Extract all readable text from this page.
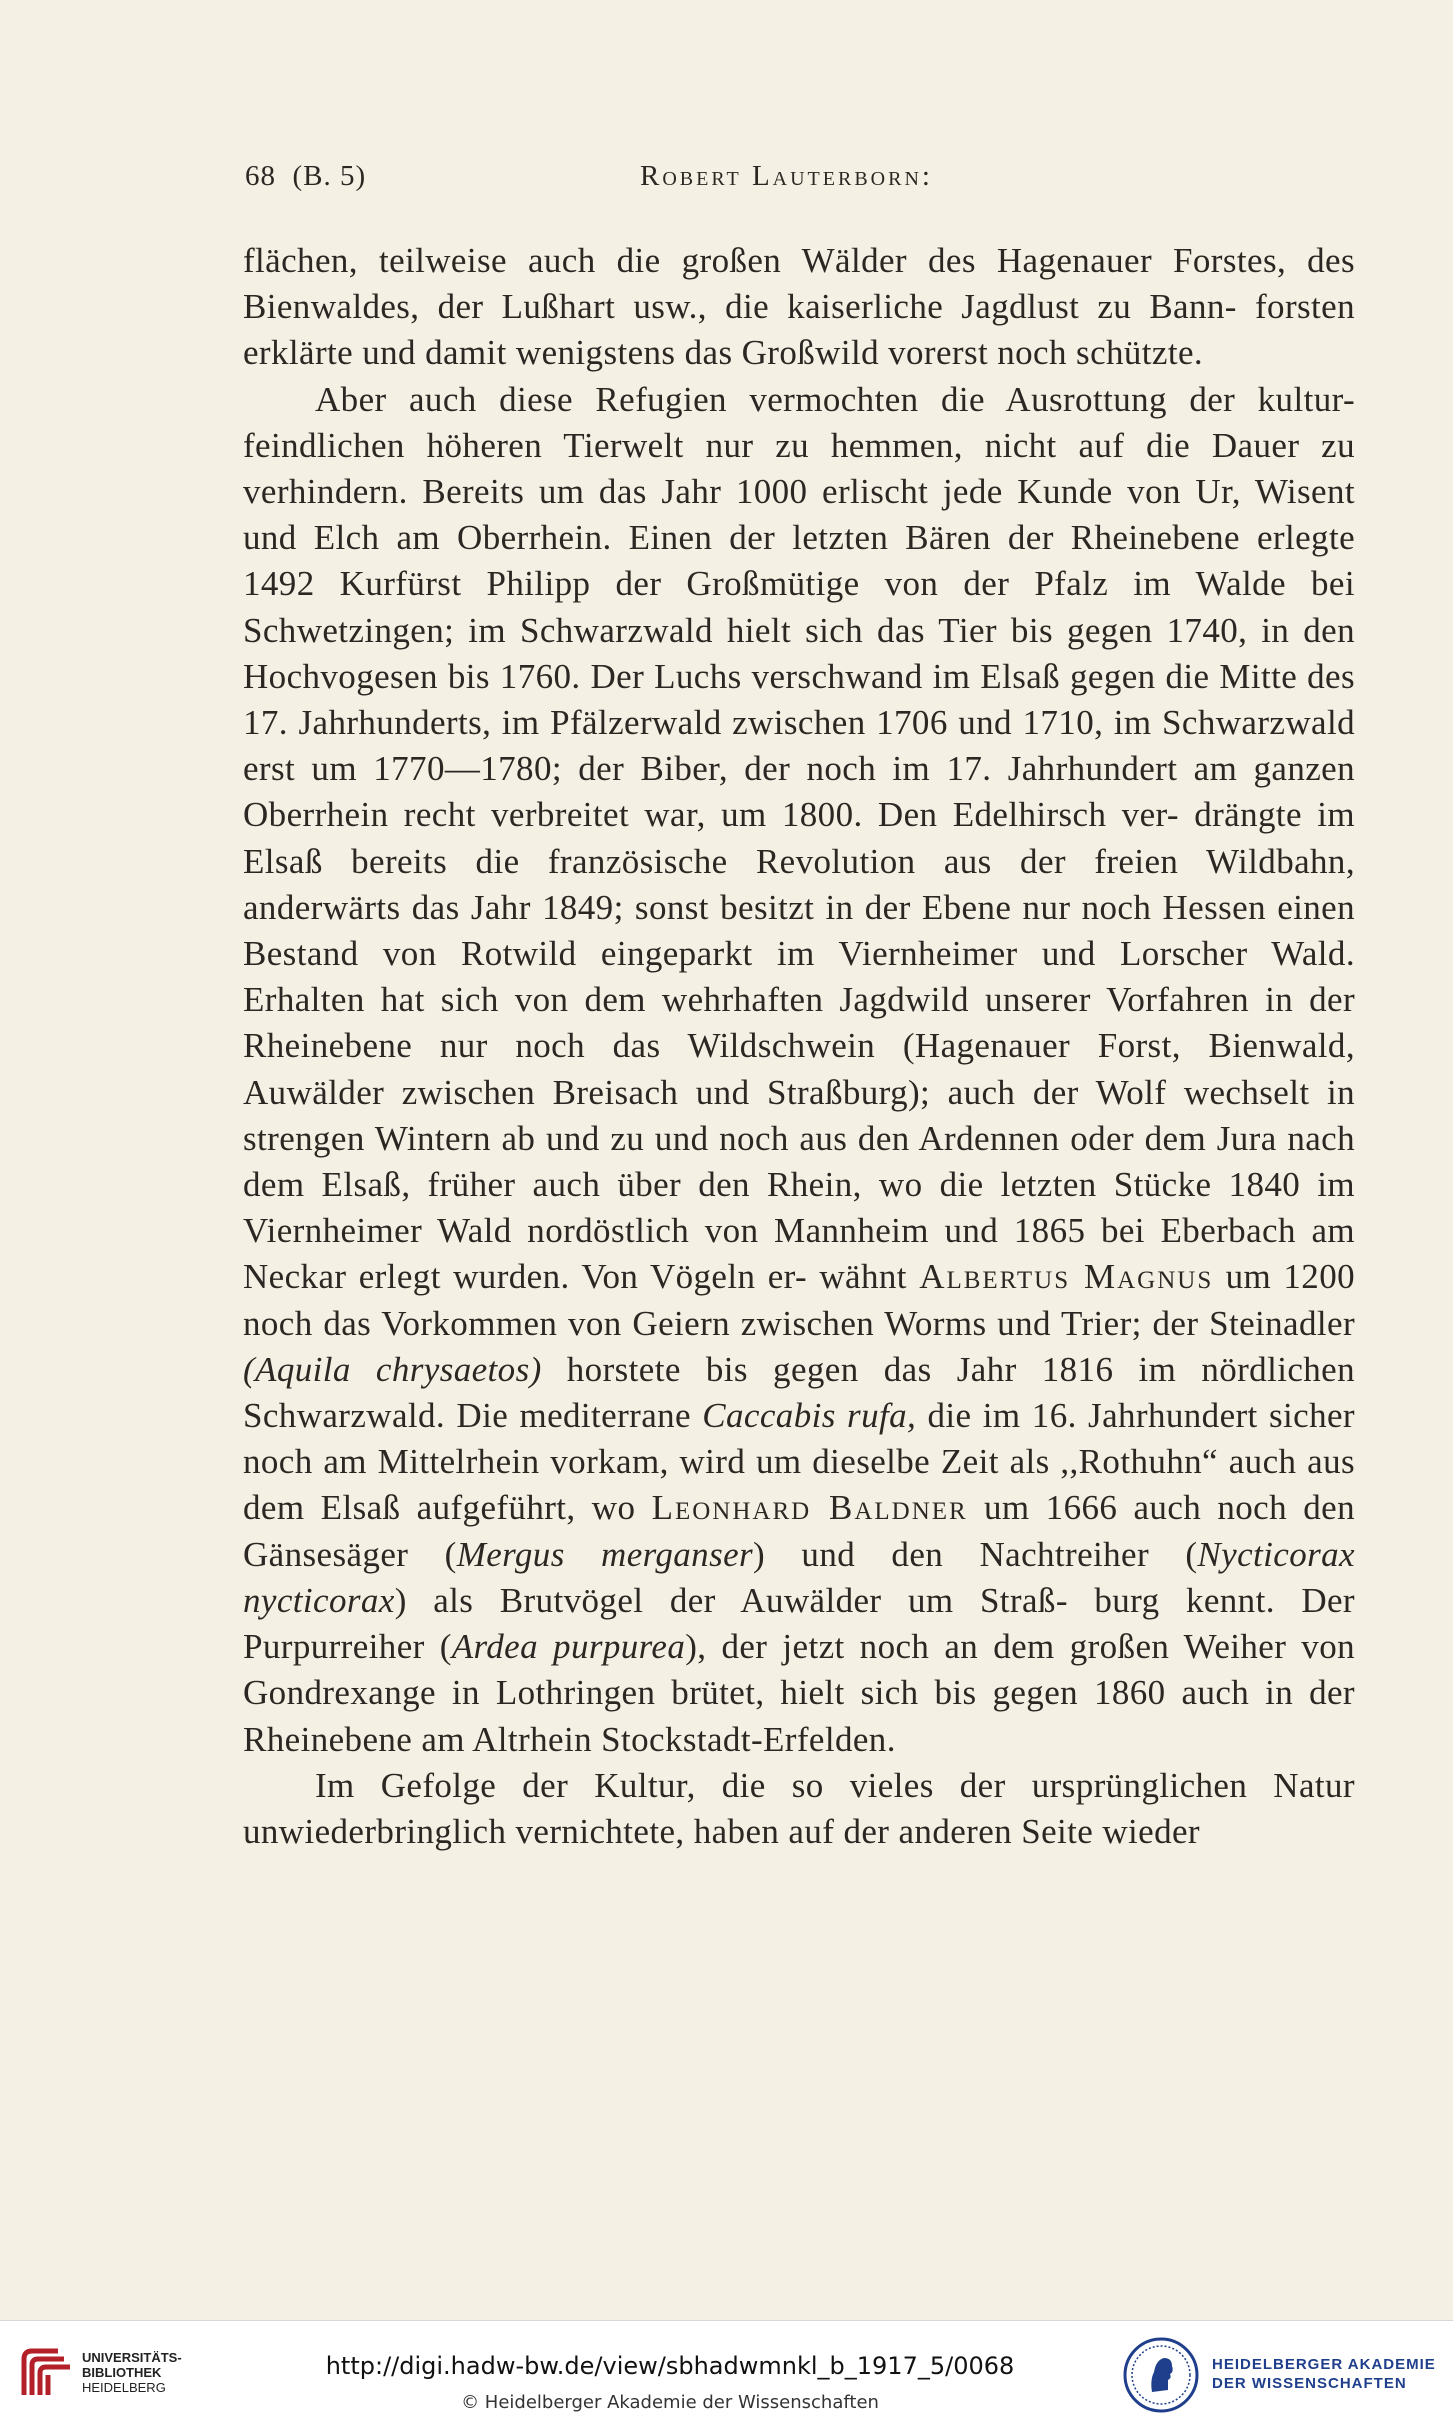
68 (B. 5)	Robert Lauterborn:

flächen, teilweise auch die großen Wälder des Hagenauer Forstes, des Bienwaldes, der Lußhart usw., die kaiserliche Jagdlust zu Bann- forsten erklärte und damit wenigstens das Großwild vorerst noch schützte.

Aber auch diese Refugien vermochten die Ausrottung der kultur- feindlichen höheren Tierwelt nur zu hemmen, nicht auf die Dauer zu verhindern. Bereits um das Jahr 1000 erlischt jede Kunde von Ur, Wisent und Elch am Oberrhein. Einen der letzten Bären der Rheinebene erlegte 1492 Kurfürst Philipp der Großmütige von der Pfalz im Walde bei Schwetzingen; im Schwarzwald hielt sich das Tier bis gegen 1740, in den Hochvogesen bis 1760. Der Luchs verschwand im Elsaß gegen die Mitte des 17. Jahrhunderts, im Pfälzerwald zwischen 1706 und 1710, im Schwarzwald erst um 1770—1780; der Biber, der noch im 17. Jahrhundert am ganzen Oberrhein recht verbreitet war, um 1800. Den Edelhirsch ver- drängte im Elsaß bereits die französische Revolution aus der freien Wildbahn, anderwärts das Jahr 1849; sonst besitzt in der Ebene nur noch Hessen einen Bestand von Rotwild eingeparkt im Viernheimer und Lorscher Wald. Erhalten hat sich von dem wehrhaften Jagdwild unserer Vorfahren in der Rheinebene nur noch das Wildschwein (Hagenauer Forst, Bienwald, Auwälder zwischen Breisach und Straßburg); auch der Wolf wechselt in strengen Wintern ab und zu und noch aus den Ardennen oder dem Jura nach dem Elsaß, früher auch über den Rhein, wo die letzten Stücke 1840 im Viernheimer Wald nordöstlich von Mannheim und 1865 bei Eberbach am Neckar erlegt wurden. Von Vögeln er- wähnt Albertus Magnus um 1200 noch das Vorkommen von Geiern zwischen Worms und Trier; der Steinadler (Aquila chrysaetos) horstete bis gegen das Jahr 1816 im nördlichen Schwarzwald. Die mediterrane Caccabis rufa, die im 16. Jahrhundert sicher noch am Mittelrhein vorkam, wird um dieselbe Zeit als ,,Rothuhn“ auch aus dem Elsaß aufgeführt, wo Leonhard Baldner um 1666 auch noch den Gänsesäger (Mergus merganser) und den Nachtreiher (Nycticorax nycticorax) als Brutvögel der Auwälder um Straß- burg kennt. Der Purpurreiher (Ardea purpurea), der jetzt noch an dem großen Weiher von Gondrexange in Lothringen brütet, hielt sich bis gegen 1860 auch in der Rheinebene am Altrhein Stockstadt-Erfelden.

Im Gefolge der Kultur, die so vieles der ursprünglichen Natur unwiederbringlich vernichtete, haben auf der anderen Seite wieder

UNIVERSITÄTS-
BIBLIOTHEK
HEIDELBERG
http://digi.hadw-bw.de/view/sbhadwmnkl_b_1917_5/0068
© Heidelberger Akademie der Wissenschaften
HEIDELBERGER AKADEMIE
DER WISSENSCHAFTEN
